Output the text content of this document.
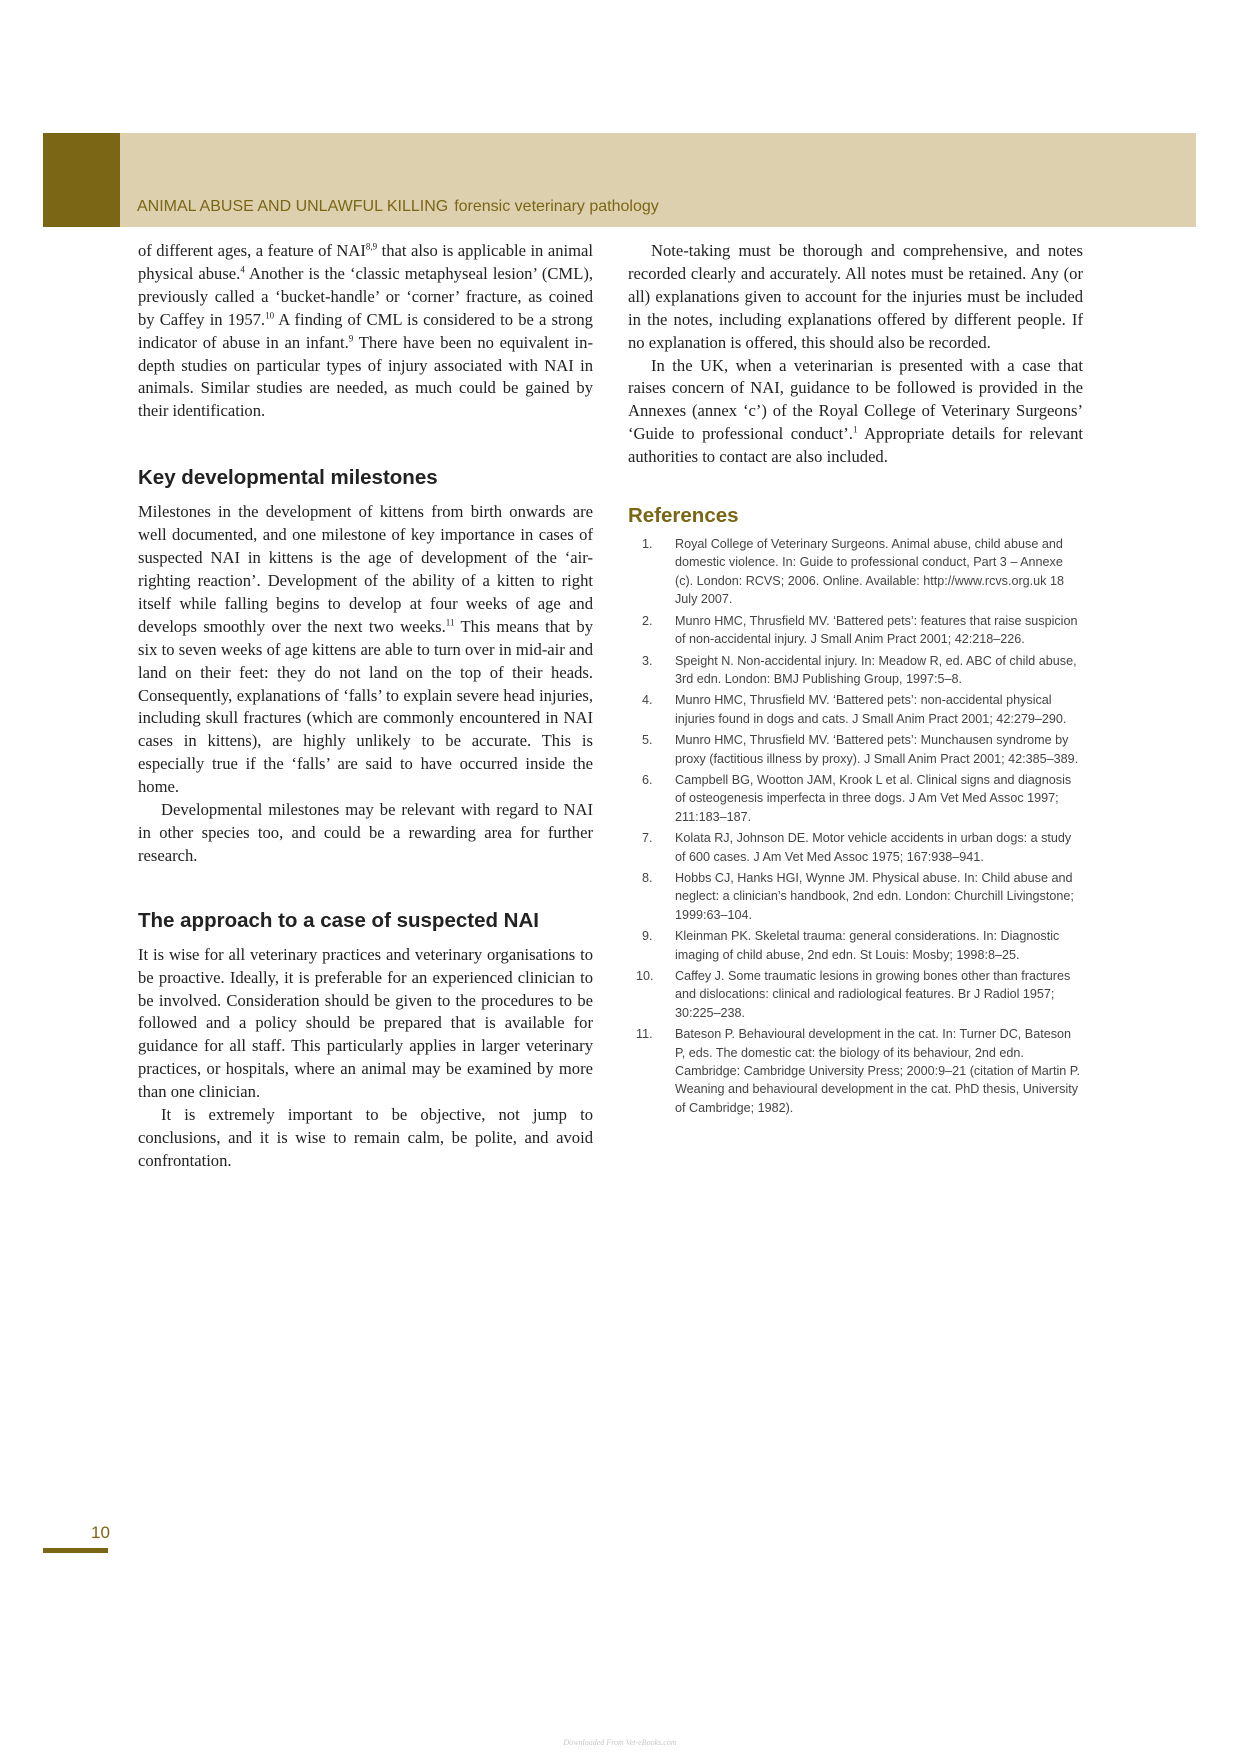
ANIMAL ABUSE AND UNLAWFUL KILLING forensic veterinary pathology

of different ages, a feature of NAI$^{8,9}$ that also is applicable in animal physical abuse.$^4$ Another is the ‘classic metaphyseal lesion’ (CML), previously called a ‘bucket-handle’ or ‘corner’ fracture, as coined by Caffey in 1957.10 A finding of CML is considered to be a strong indicator of abuse in an infant.$^9$ There have been no equivalent in-depth studies on particular types of injury associated with NAI in animals. Similar studies are needed, as much could be gained by their identification.

Key developmental milestones

Milestones in the development of kittens from birth onwards are well documented, and one milestone of key importance in cases of suspected NAI in kittens is the age of development of the ‘air-righting reaction’. Development of the ability of a kitten to right itself while falling begins to develop at four weeks of age and develops smoothly over the next two weeks.$^{11}$ This means that by six to seven weeks of age kittens are able to turn over in mid-air and land on their feet: they do not land on the top of their heads. Consequently, explanations of ‘falls’ to explain severe head injuries, including skull fractures (which are commonly encountered in NAI cases in kittens), are highly unlikely to be accurate. This is especially true if the ‘falls’ are said to have occurred inside the home.

Developmental milestones may be relevant with regard to NAI in other species too, and could be a rewarding area for further research.

The approach to a case of suspected NAI

It is wise for all veterinary practices and veterinary organisations to be proactive. Ideally, it is preferable for an experienced clinician to be involved. Consideration should be given to the procedures to be followed and a policy should be prepared that is available for guidance for all staff. This particularly applies in larger veterinary practices, or hospitals, where an animal may be examined by more than one clinician.

It is extremely important to be objective, not jump to conclusions, and it is wise to remain calm, be polite, and avoid confrontation.

Note-taking must be thorough and comprehensive, and notes recorded clearly and accurately. All notes must be retained. Any (or all) explanations given to account for the injuries must be included in the notes, including explanations offered by different people. If no explanation is offered, this should also be recorded.

In the UK, when a veterinarian is presented with a case that raises concern of NAI, guidance to be followed is provided in the Annexes (annex ‘c’) of the Royal College of Veterinary Surgeons’ ‘Guide to professional conduct’.$^1$ Appropriate details for relevant authorities to contact are also included.

References
1. Royal College of Veterinary Surgeons. Animal abuse, child abuse and domestic violence. In: Guide to professional conduct, Part 3 – Annexe (c). London: RCVS; 2006. Online. Available: http://www.rcvs.org.uk 18 July 2007.
2. Munro HMC, Thrusfield MV. ‘Battered pets’: features that raise suspicion of non-accidental injury. J Small Anim Pract 2001; 42:218–226.
3. Speight N. Non-accidental injury. In: Meadow R, ed. ABC of child abuse, 3rd edn. London: BMJ Publishing Group, 1997:5–8.
4. Munro HMC, Thrusfield MV. ‘Battered pets’: non-accidental physical injuries found in dogs and cats. J Small Anim Pract 2001; 42:279–290.
5. Munro HMC, Thrusfield MV. ‘Battered pets’: Munchausen syndrome by proxy (factitious illness by proxy). J Small Anim Pract 2001; 42:385–389.
6. Campbell BG, Wootton JAM, Krook L et al. Clinical signs and diagnosis of osteogenesis imperfecta in three dogs. J Am Vet Med Assoc 1997; 211:183–187.
7. Kolata RJ, Johnson DE. Motor vehicle accidents in urban dogs: a study of 600 cases. J Am Vet Med Assoc 1975; 167:938–941.
8. Hobbs CJ, Hanks HGI, Wynne JM. Physical abuse. In: Child abuse and neglect: a clinician’s handbook, 2nd edn. London: Churchill Livingstone; 1999:63–104.
9. Kleinman PK. Skeletal trauma: general considerations. In: Diagnostic imaging of child abuse, 2nd edn. St Louis: Mosby; 1998:8–25.
10. Caffey J. Some traumatic lesions in growing bones other than fractures and dislocations: clinical and radiological features. Br J Radiol 1957; 30:225–238.
11. Bateson P. Behavioural development in the cat. In: Turner DC, Bateson P, eds. The domestic cat: the biology of its behaviour, 2nd edn. Cambridge: Cambridge University Press; 2000:9–21 (citation of Martin P. Weaning and behavioural development in the cat. PhD thesis, University of Cambridge; 1982).
10
Downloaded From Vet-eBooks.com
